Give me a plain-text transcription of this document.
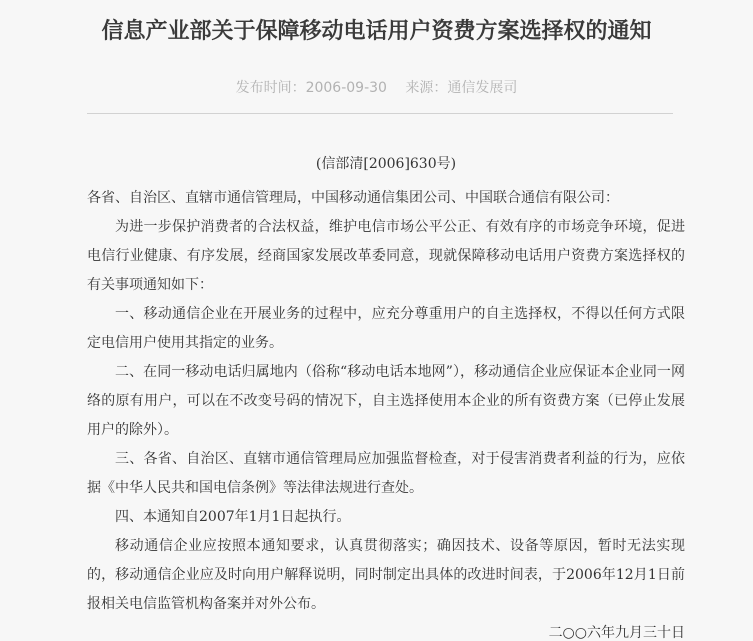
信息产业部关于保障移动电话用户资费方案选择权的通知
发布时间：2006-09-30 来源：通信发展司

(信部清[2006]630号)

各省、自治区、直辖市通信管理局，中国移动通信集团公司、中国联合通信有限公司：

为进一步保护消费者的合法权益，维护电信市场公平公正、有效有序的市场竞争环境，促进电信行业健康、有序发展，经商国家发展改革委同意，现就保障移动电话用户资费方案选择权的有关事项通知如下：

一、移动通信企业在开展业务的过程中，应充分尊重用户的自主选择权，不得以任何方式限定电信用户使用其指定的业务。

二、在同一移动电话归属地内（俗称“移动电话本地网”），移动通信企业应保证本企业同一网络的原有用户，可以在不改变号码的情况下，自主选择使用本企业的所有资费方案（已停止发展用户的除外）。

三、各省、自治区、直辖市通信管理局应加强监督检查，对于侵害消费者利益的行为，应依据《中华人民共和国电信条例》等法律法规进行查处。

四、本通知自2007年1月1日起执行。

移动通信企业应按照本通知要求，认真贯彻落实；确因技术、设备等原因，暂时无法实现的，移动通信企业应及时向用户解释说明，同时制定出具体的改进时间表，于2006年12月1日前报相关电信监管机构备案并对外公布。

二○○六年九月三十日
